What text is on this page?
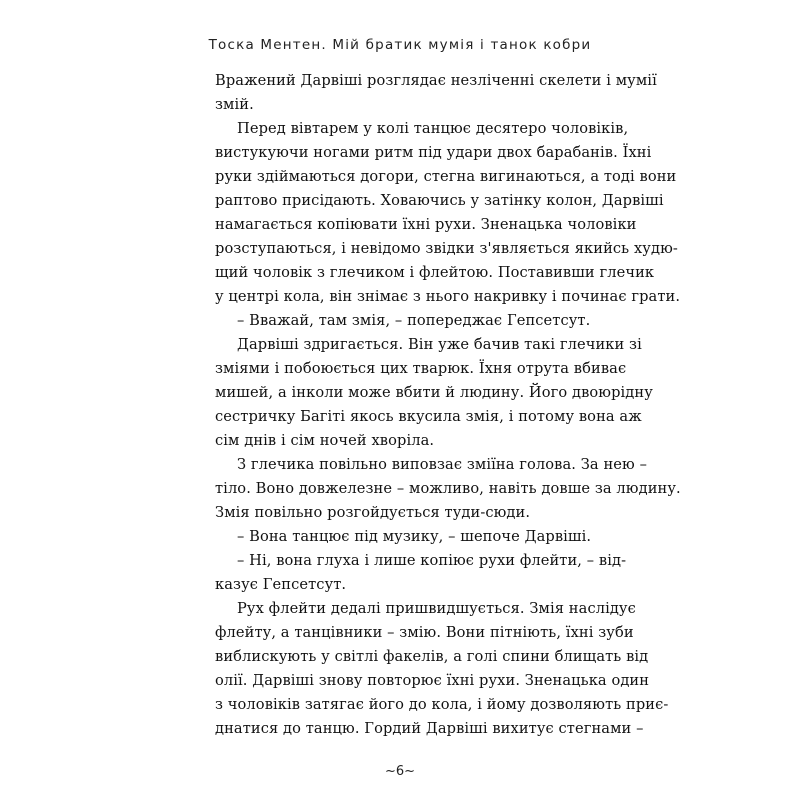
Тоска Ментен. Мій братик мумія і танок кобри
Вражений Дарвіші розглядає незліченні скелети і мумії
змій.
Перед вівтарем у колі танцює десятеро чоловіків,
вистукуючи ногами ритм під удари двох барабанів. Їхні
руки здіймаються догори, стегна вигинаються, а тоді вони
раптово присідають. Ховаючись у затінку колон, Дарвіші
намагається копіювати їхні рухи. Зненацька чоловіки
розступаються, і невідомо звідки з'являється якийсь худю-
щий чоловік з глечиком і флейтою. Поставивши глечик
у центрі кола, він знімає з нього накривку і починає грати.
– Вважай, там змія, – попереджає Гепсетсут.
Дарвіші здригається. Він уже бачив такі глечики зі
зміями і побоюється цих тварюк. Їхня отрута вбиває
мишей, а інколи може вбити й людину. Його двоюрідну
сестричку Багіті якось вкусила змія, і потому вона аж
сім днів і сім ночей хворіла.
З глечика повільно виповзає зміїна голова. За нею –
тіло. Воно довжелезне – можливо, навіть довше за людину.
Змія повільно розгойдується туди-сюди.
– Вона танцює під музику, – шепоче Дарвіші.
– Ні, вона глуха і лише копіює рухи флейти, – від-
казує Гепсетсут.
Рух флейти дедалі пришвидшується. Змія наслідує
флейту, а танцівники – змію. Вони пітніють, їхні зуби
виблискують у світлі факелів, а голі спини блищать від
олії. Дарвіші знову повторює їхні рухи. Зненацька один
з чоловіків затягає його до кола, і йому дозволяють приє-
днатися до танцю. Гордий Дарвіші вихитує стегнами –
~6~
